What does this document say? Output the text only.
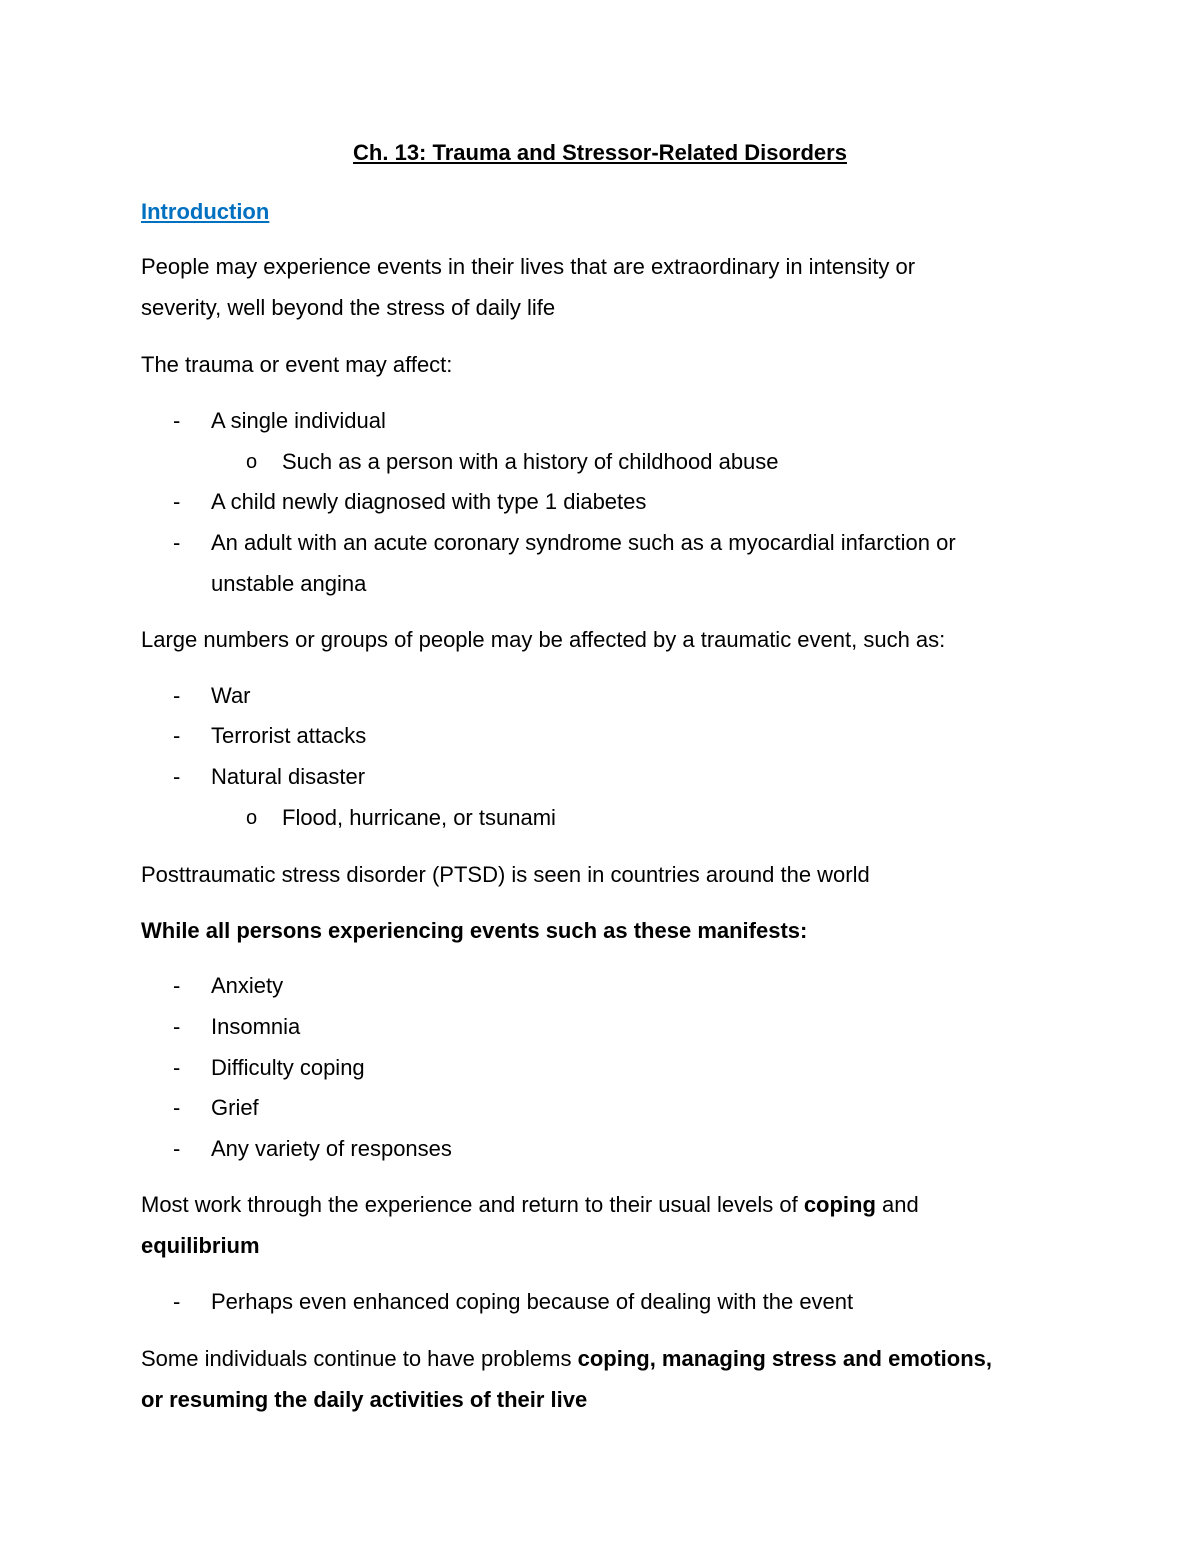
Ch. 13: Trauma and Stressor-Related Disorders
Introduction
People may experience events in their lives that are extraordinary in intensity or
severity, well beyond the stress of daily life
The trauma or event may affect:
- A single individual
o Such as a person with a history of childhood abuse
- A child newly diagnosed with type 1 diabetes
- An adult with an acute coronary syndrome such as a myocardial infarction or
unstable angina
Large numbers or groups of people may be affected by a traumatic event, such as:
- War
- Terrorist attacks
- Natural disaster
o Flood, hurricane, or tsunami
Posttraumatic stress disorder (PTSD) is seen in countries around the world
While all persons experiencing events such as these manifests:
- Anxiety
- Insomnia
- Difficulty coping
- Grief
- Any variety of responses
Most work through the experience and return to their usual levels of coping and
equilibrium
- Perhaps even enhanced coping because of dealing with the event
Some individuals continue to have problems coping, managing stress and emotions,
or resuming the daily activities of their live
